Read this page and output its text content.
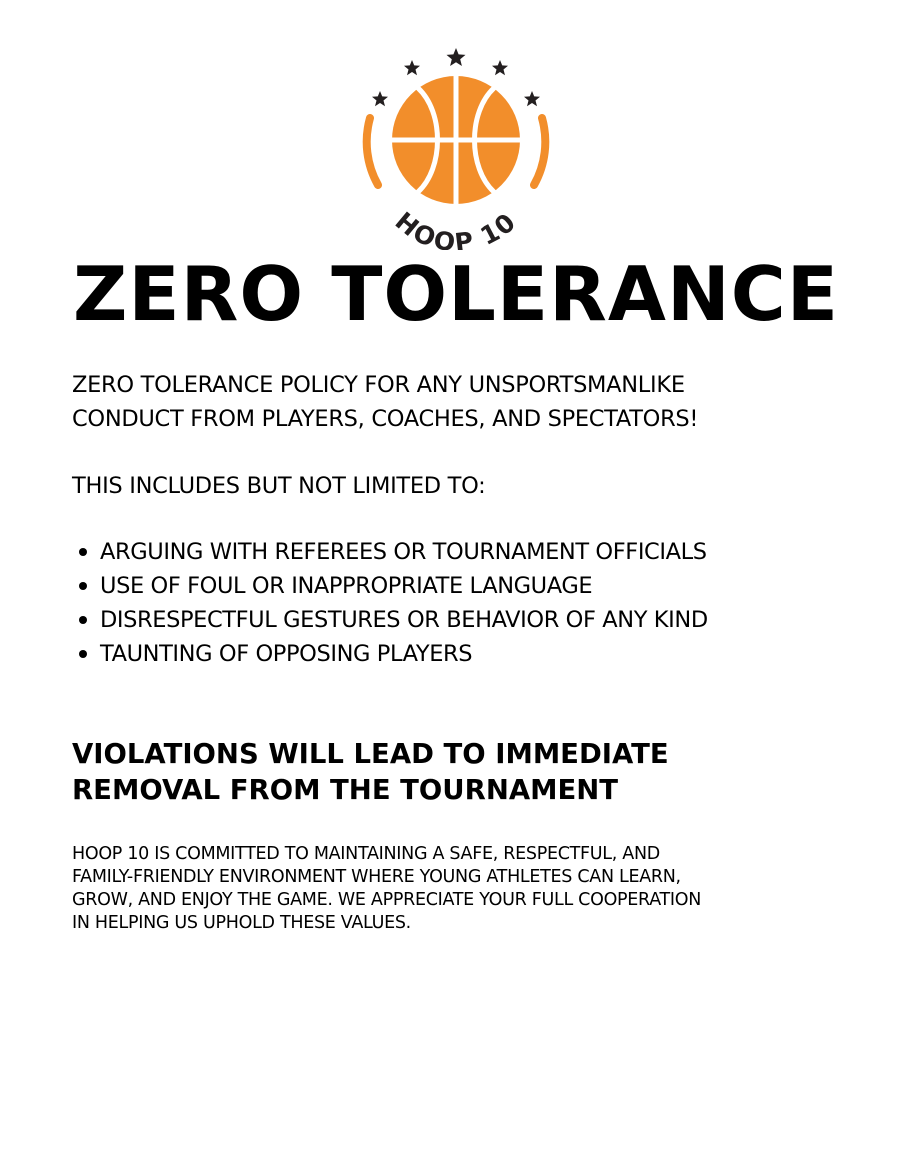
HOOP 10
ZERO TOLERANCE

ZERO TOLERANCE POLICY FOR ANY UNSPORTSMANLIKE
CONDUCT FROM PLAYERS, COACHES, AND SPECTATORS!

THIS INCLUDES BUT NOT LIMITED TO:
ARGUING WITH REFEREES OR TOURNAMENT OFFICIALS
USE OF FOUL OR INAPPROPRIATE LANGUAGE
DISRESPECTFUL GESTURES OR BEHAVIOR OF ANY KIND
TAUNTING OF OPPOSING PLAYERS
VIOLATIONS WILL LEAD TO IMMEDIATE
REMOVAL FROM THE TOURNAMENT
HOOP 10 IS COMMITTED TO MAINTAINING A SAFE, RESPECTFUL, AND
FAMILY-FRIENDLY ENVIRONMENT WHERE YOUNG ATHLETES CAN LEARN,
GROW, AND ENJOY THE GAME. WE APPRECIATE YOUR FULL COOPERATION
IN HELPING US UPHOLD THESE VALUES.
